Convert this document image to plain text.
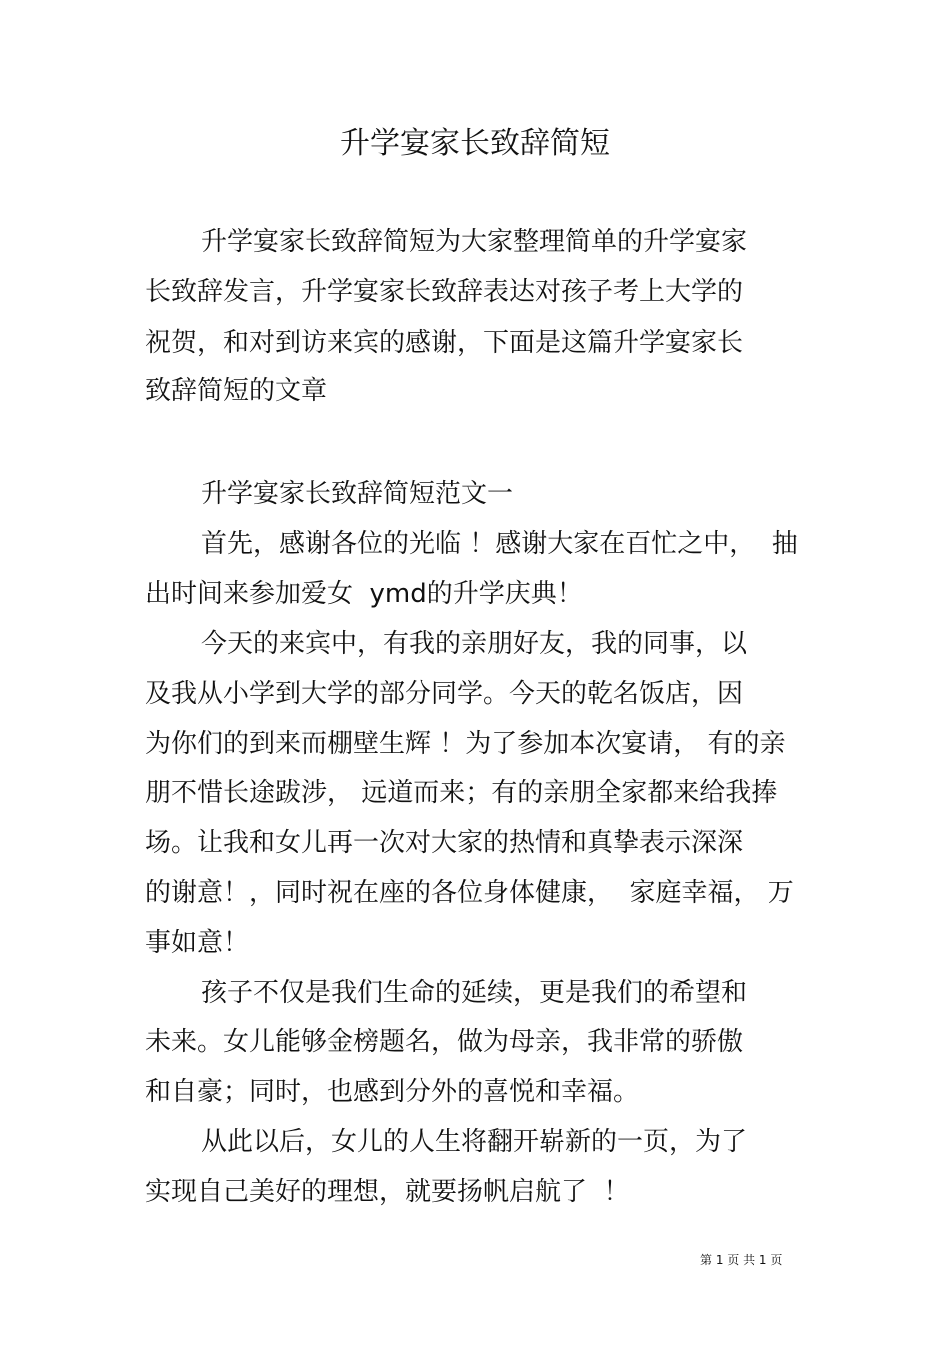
升学宴家长致辞简短
升学宴家长致辞简短为大家整理简单的升学宴家
长致辞发言，升学宴家长致辞表达对孩子考上大学的
祝贺，和对到访来宾的感谢，下面是这篇升学宴家长
致辞简短的文章
升学宴家长致辞简短范文一
首先，感谢各位的光临 ！感谢大家在百忙之中，  抽
出时间来参加爱女  ymd的升学庆典！
今天的来宾中，有我的亲朋好友，我的同事，以
及我从小学到大学的部分同学。今天的乾名饭店，因
为你们的到来而棚壁生辉 ！为了参加本次宴请， 有的亲
朋不惜长途跋涉， 远道而来；有的亲朋全家都来给我捧
场。让我和女儿再一次对大家的热情和真挚表示深深
的谢意！，同时祝在座的各位身体健康，  家庭幸福， 万
事如意！
孩子不仅是我们生命的延续，更是我们的希望和
未来。女儿能够金榜题名，做为母亲，我非常的骄傲
和自豪；同时，也感到分外的喜悦和幸福。
从此以后，女儿的人生将翻开崭新的一页，为了
实现自己美好的理想，就要扬帆启航了  ！
第 1 页 共 1 页
